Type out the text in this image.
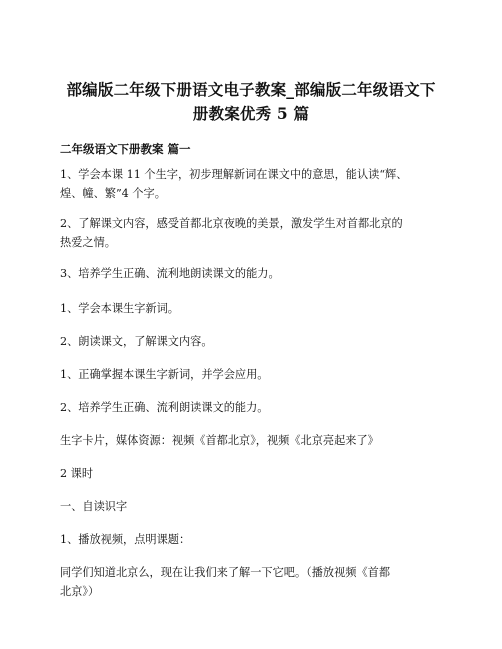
部编版二年级下册语文电子教案_部编版二年级语文下
册教案优秀 5 篇
二年级语文下册教案 篇一
1、学会本课 11 个生字，初步理解新词在课文中的意思，能认读“辉、
煌、幢、繁”4 个字。
2、了解课文内容，感受首都北京夜晚的美景，激发学生对首都北京的
热爱之情。
3、培养学生正确、流利地朗读课文的能力。
1、学会本课生字新词。
2、朗读课文，了解课文内容。
1、正确掌握本课生字新词，并学会应用。
2、培养学生正确、流利朗读课文的能力。
生字卡片，媒体资源：视频《首都北京》，视频《北京亮起来了》
2 课时
一、自读识字
1、播放视频，点明课题：
同学们知道北京么，现在让我们来了解一下它吧。（播放视频《首都
北京》）
